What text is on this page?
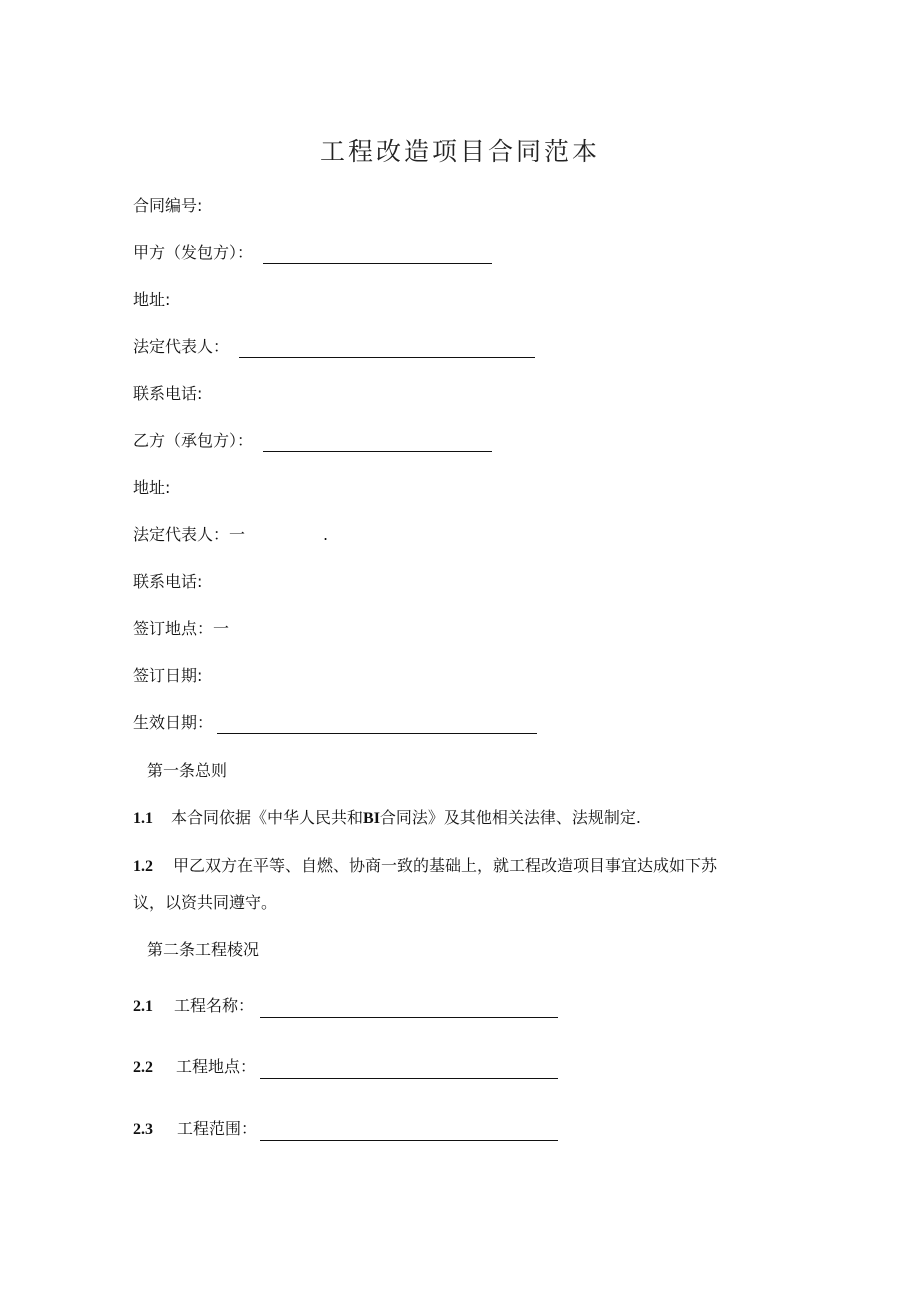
工程改造项目合同范本
合同编号:
甲方（发包方）：
地址:
法定代表人：
联系电话:
乙方（承包方）：
地址:
法定代表人：一	.
联系电话:
签订地点：一
签订日期:
生效日期：
第一条总则
1.1 本合同依据《中华人民共和BI合同法》及其他相关法律、法规制定.
1.2 甲乙双方在平等、自燃、协商一致的基础上，就工程改造项目事宜达成如下苏
议，以资共同遵守。
第二条工程棱况
2.1 工程名称：
2.2 工程地点：
2.3 工程范围：
